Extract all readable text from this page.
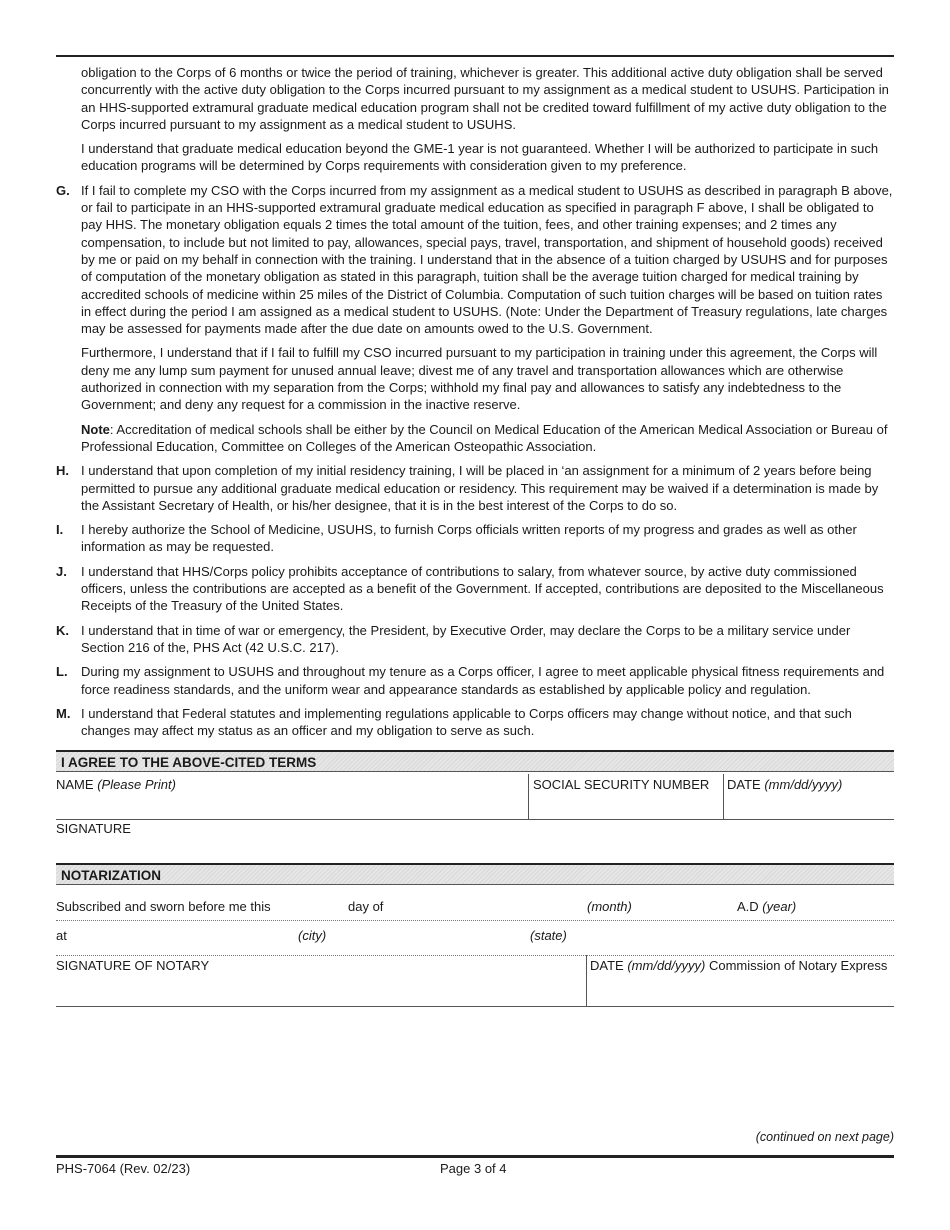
obligation to the Corps of 6 months or twice the period of training, whichever is greater. This additional active duty obligation shall be served concurrently with the active duty obligation to the Corps incurred pursuant to my assignment as a medical student to USUHS. Participation in an HHS-supported extramural graduate medical education program shall not be credited toward fulfillment of my active duty obligation to the Corps incurred pursuant to my assignment as a medical student to USUHS.

I understand that graduate medical education beyond the GME-1 year is not guaranteed. Whether I will be authorized to participate in such education programs will be determined by Corps requirements with consideration given to my preference.

G. If I fail to complete my CSO with the Corps incurred from my assignment as a medical student to USUHS as described in paragraph B above, or fail to participate in an HHS-supported extramural graduate medical education as specified in paragraph F above, I shall be obligated to pay HHS. The monetary obligation equals 2 times the total amount of the tuition, fees, and other training expenses; and 2 times any compensation, to include but not limited to pay, allowances, special pays, travel, transportation, and shipment of household goods) received by me or paid on my behalf in connection with the training. I understand that in the absence of a tuition charged by USUHS and for purposes of computation of the monetary obligation as stated in this paragraph, tuition shall be the average tuition charged for medical training by accredited schools of medicine within 25 miles of the District of Columbia. Computation of such tuition charges will be based on tuition rates in effect during the period I am assigned as a medical student to USUHS. (Note: Under the Department of Treasury regulations, late charges may be assessed for payments made after the due date on amounts owed to the U.S. Government.

Furthermore, I understand that if I fail to fulfill my CSO incurred pursuant to my participation in training under this agreement, the Corps will deny me any lump sum payment for unused annual leave; divest me of any travel and transportation allowances which are otherwise authorized in connection with my separation from the Corps; withhold my final pay and allowances to satisfy any indebtedness to the Government; and deny any request for a commission in the inactive reserve.

Note: Accreditation of medical schools shall be either by the Council on Medical Education of the American Medical Association or Bureau of Professional Education, Committee on Colleges of the American Osteopathic Association.

H. I understand that upon completion of my initial residency training, I will be placed in ‘an assignment for a minimum of 2 years before being permitted to pursue any additional graduate medical education or residency. This requirement may be waived if a determination is made by the Assistant Secretary of Health, or his/her designee, that it is in the best interest of the Corps to do so.
I. I hereby authorize the School of Medicine, USUHS, to furnish Corps officials written reports of my progress and grades as well as other information as may be requested.
J. I understand that HHS/Corps policy prohibits acceptance of contributions to salary, from whatever source, by active duty commissioned officers, unless the contributions are accepted as a benefit of the Government. If accepted, contributions are deposited to the Miscellaneous Receipts of the Treasury of the United States.
K. I understand that in time of war or emergency, the President, by Executive Order, may declare the Corps to be a military service under Section 216 of the, PHS Act (42 U.S.C. 217).
L. During my assignment to USUHS and throughout my tenure as a Corps officer, I agree to meet applicable physical fitness requirements and force readiness standards, and the uniform wear and appearance standards as established by applicable policy and regulation.
M. I understand that Federal statutes and implementing regulations applicable to Corps officers may change without notice, and that such changes may affect my status as an officer and my obligation to serve as such.
I AGREE TO THE ABOVE-CITED TERMS
NAME (Please Print)	SOCIAL SECURITY NUMBER	DATE (mm/dd/yyyy)
SIGNATURE
NOTARIZATION
Subscribed and sworn before me this	day of	(month)	A.D (year)
at	(city)	(state)
SIGNATURE OF NOTARY	DATE (mm/dd/yyyy) Commission of Notary Express
(continued on next page)
PHS-7064 (Rev. 02/23)	Page 3 of 4
